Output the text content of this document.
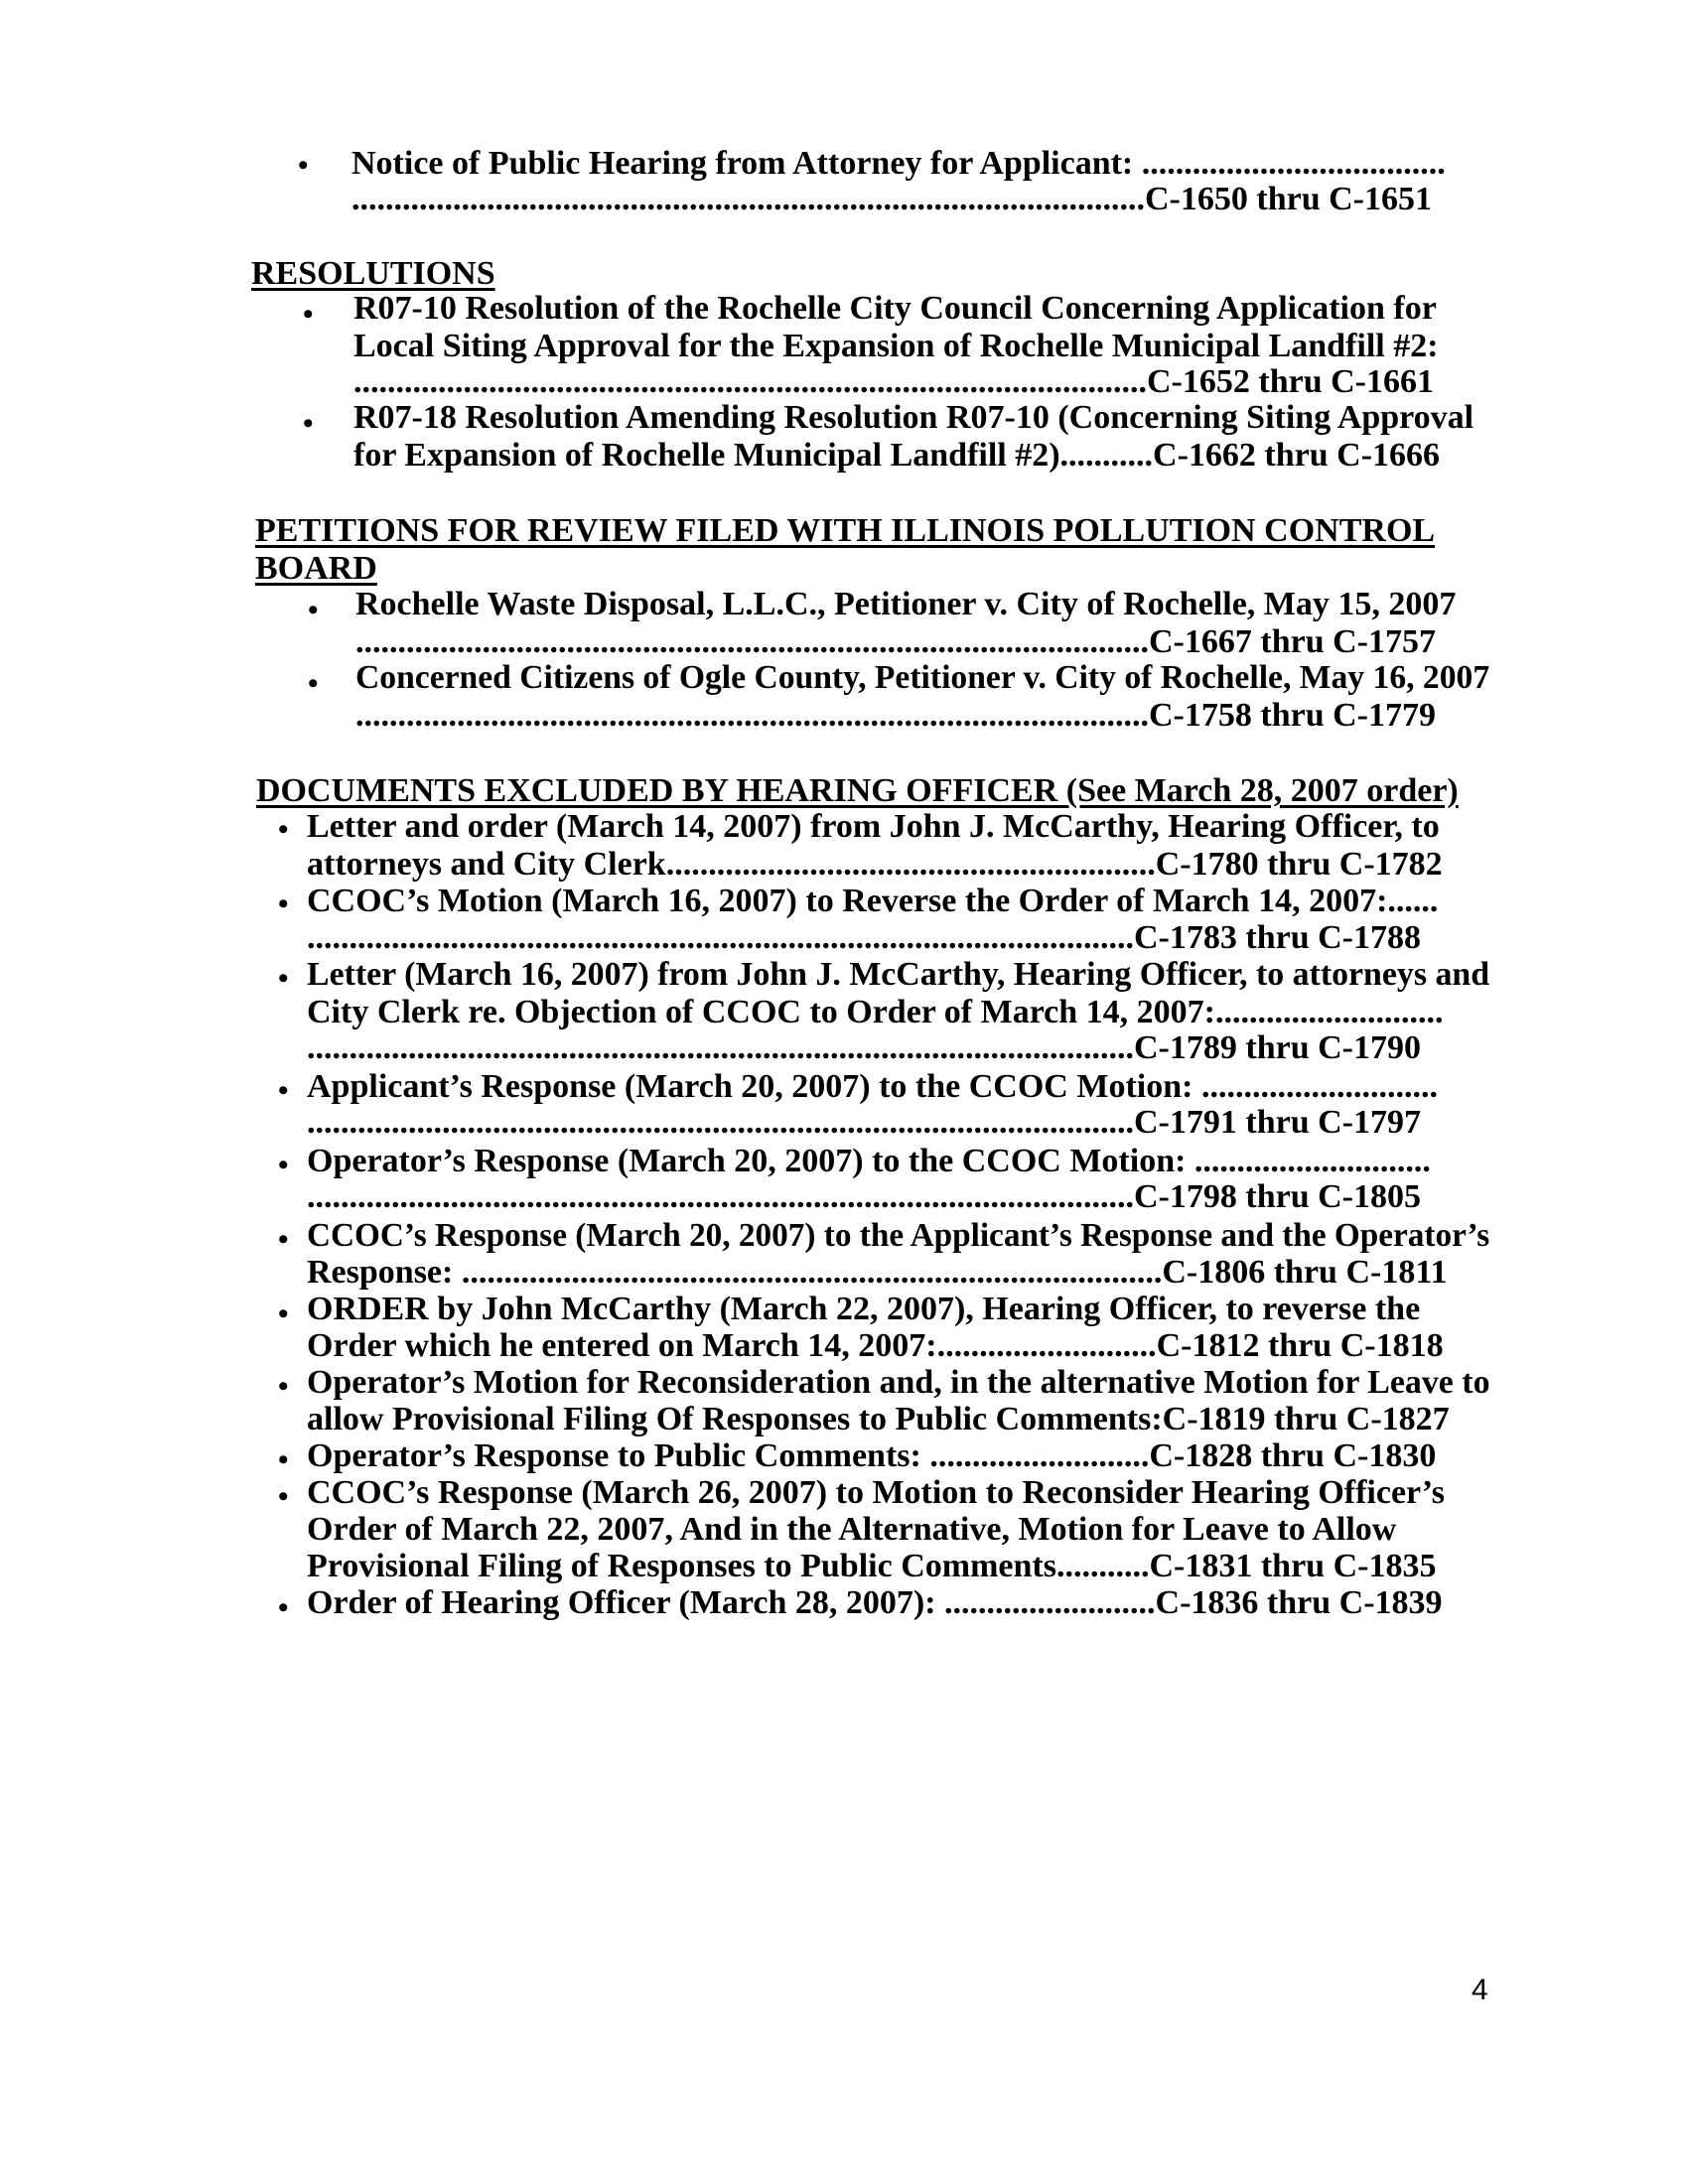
• Notice of Public Hearing from Attorney for Applicant: ....................................
..............................................................................................C-1650 thru C-1651
RESOLUTIONS
• R07-10 Resolution of the Rochelle City Council Concerning Application for
Local Siting Approval for the Expansion of Rochelle Municipal Landfill #2:
..............................................................................................C-1652 thru C-1661
• R07-18 Resolution Amending Resolution R07-10 (Concerning Siting Approval
for Expansion of Rochelle Municipal Landfill #2)...........C-1662 thru C-1666
PETITIONS FOR REVIEW FILED WITH ILLINOIS POLLUTION CONTROL
BOARD
• Rochelle Waste Disposal, L.L.C., Petitioner v. City of Rochelle, May 15, 2007
..............................................................................................C-1667 thru C-1757
• Concerned Citizens of Ogle County, Petitioner v. City of Rochelle, May 16, 2007
..............................................................................................C-1758 thru C-1779
DOCUMENTS EXCLUDED BY HEARING OFFICER (See March 28, 2007 order)
• Letter and order (March 14, 2007) from John J. McCarthy, Hearing Officer, to
attorneys and City Clerk..........................................................C-1780 thru C-1782
• CCOC’s Motion (March 16, 2007) to Reverse the Order of March 14, 2007:......
..................................................................................................C-1783 thru C-1788
• Letter (March 16, 2007) from John J. McCarthy, Hearing Officer, to attorneys and
City Clerk re. Objection of CCOC to Order of March 14, 2007:...........................
..................................................................................................C-1789 thru C-1790
• Applicant’s Response (March 20, 2007) to the CCOC Motion: ............................
..................................................................................................C-1791 thru C-1797
• Operator’s Response (March 20, 2007) to the CCOC Motion: ............................
..................................................................................................C-1798 thru C-1805
• CCOC’s Response (March 20, 2007) to the Applicant’s Response and the Operator’s
Response: ...................................................................................C-1806 thru C-1811
• ORDER by John McCarthy (March 22, 2007), Hearing Officer, to reverse the
Order which he entered on March 14, 2007:..........................C-1812 thru C-1818
• Operator’s Motion for Reconsideration and, in the alternative Motion for Leave to
allow Provisional Filing Of Responses to Public Comments:C-1819 thru C-1827
• Operator’s Response to Public Comments: ..........................C-1828 thru C-1830
• CCOC’s Response (March 26, 2007) to Motion to Reconsider Hearing Officer’s
Order of March 22, 2007, And in the Alternative, Motion for Leave to Allow
Provisional Filing of Responses to Public Comments...........C-1831 thru C-1835
• Order of Hearing Officer (March 28, 2007): .........................C-1836 thru C-1839
4
